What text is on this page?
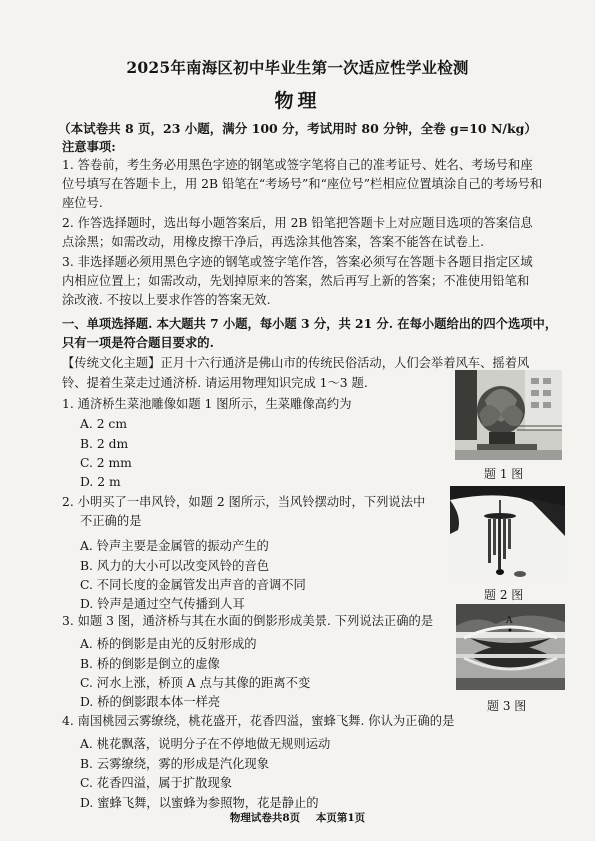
2025年南海区初中毕业生第一次适应性学业检测
物理
（本试卷共 8 页，23 小题，满分 100 分，考试用时 80 分钟，全卷 g=10 N/kg）
注意事项:
1. 答卷前，考生务必用黑色字迹的钢笔或签字笔将自己的准考证号、姓名、考场号和座
位号填写在答题卡上，用 2B 铅笔在“考场号”和“座位号”栏相应位置填涂自己的考场号和
座位号.
2. 作答选择题时，选出每小题答案后，用 2B 铅笔把答题卡上对应题目选项的答案信息
点涂黑；如需改动，用橡皮擦干净后，再选涂其他答案，答案不能答在试卷上.
3. 非选择题必须用黑色字迹的钢笔或签字笔作答，答案必须写在答题卡各题目指定区域
内相应位置上；如需改动，先划掉原来的答案，然后再写上新的答案；不准使用铅笔和
涂改液. 不按以上要求作答的答案无效.
一、单项选择题. 本大题共 7 小题，每小题 3 分，共 21 分. 在每小题给出的四个选项中，
只有一项是符合题目要求的.
【传统文化主题】正月十六行通济是佛山市的传统民俗活动，人们会举着风车、摇着风
铃、提着生菜走过通济桥. 请运用物理知识完成 1～3 题.
1. 通济桥生菜池雕像如题 1 图所示，生菜雕像高约为
A. 2 cm
B. 2 dm
C. 2 mm
D. 2 m
2. 小明买了一串风铃，如题 2 图所示，当风铃摆动时，下列说法中
不正确的是
A. 铃声主要是金属管的振动产生的
B. 风力的大小可以改变风铃的音色
C. 不同长度的金属管发出声音的音调不同
D. 铃声是通过空气传播到人耳
3. 如题 3 图，通济桥与其在水面的倒影形成美景. 下列说法正确的是
A. 桥的倒影是由光的反射形成的
B. 桥的倒影是倒立的虚像
C. 河水上涨，桥顶 A 点与其像的距离不变
D. 桥的倒影跟本体一样亮
4. 南国桃园云雾缭绕，桃花盛开，花香四溢，蜜蜂飞舞. 你认为正确的是
A. 桃花飘落，说明分子在不停地做无规则运动
B. 云雾缭绕，雾的形成是汽化现象
C. 花香四溢，属于扩散现象
D. 蜜蜂飞舞，以蜜蜂为参照物，花是静止的
题 1 图
题 2 图
A
题 3 图
物理试卷共8页 本页第1页
